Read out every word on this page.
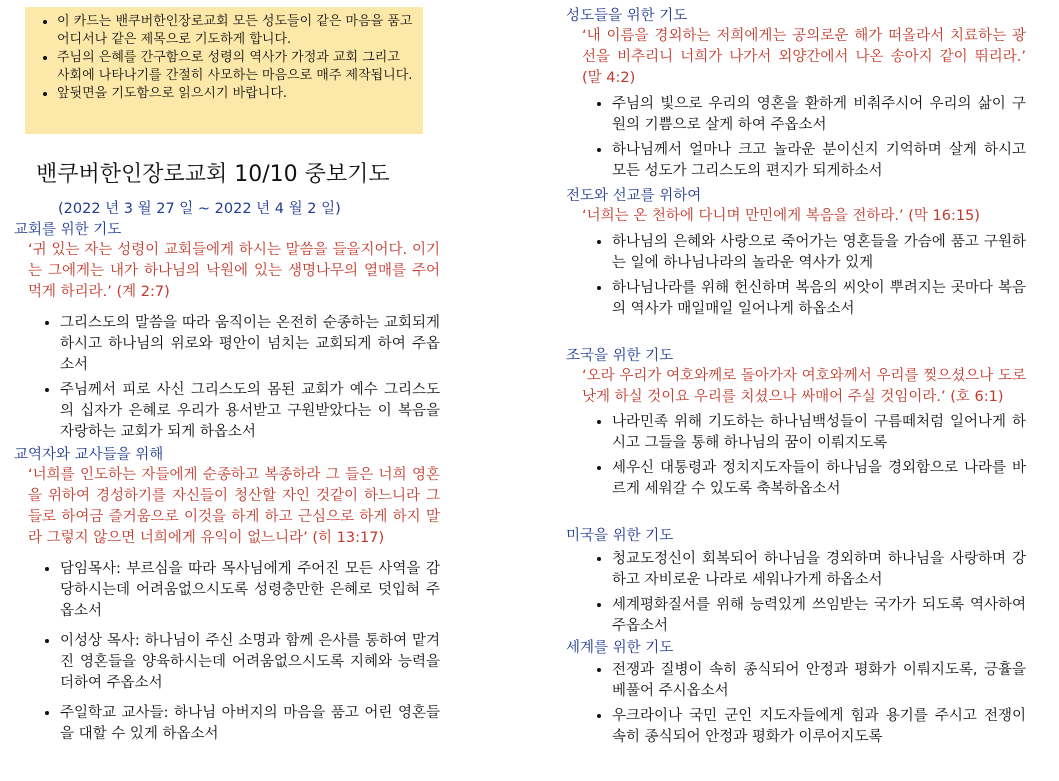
• 이 카드는 밴쿠버한인장로교회 모든 성도들이 같은 마음을 품고 어디서나 같은 제목으로 기도하게 합니다.
• 주님의 은혜를 간구함으로 성령의 역사가 가정과 교회 그리고 사회에 나타나기를 간절히 사모하는 마음으로 매주 제작됩니다.
• 앞뒷면을 기도함으로 읽으시기 바랍니다.
밴쿠버한인장로교회 10/10 중보기도
(2022 년 3 월 27 일 ~ 2022 년 4 월 2 일)

교회를 위한 기도

‘귀 있는 자는 성령이 교회들에게 하시는 말씀을 들을지어다. 이기는 그에게는 내가 하나님의 낙원에 있는 생명나무의 열매를 주어 먹게 하리라.’ (계 2:7)

• 그리스도의 말씀을 따라 움직이는 온전히 순종하는 교회되게 하시고 하나님의 위로와 평안이 넘치는 교회되게 하여 주옵소서
• 주님께서 피로 사신 그리스도의 몸된 교회가 예수 그리스도의 십자가 은혜로 우리가 용서받고 구원받았다는 이 복음을 자랑하는 교회가 되게 하옵소서

교역자와 교사들을 위해

‘너희를 인도하는 자들에게 순종하고 복종하라 그 들은 너희 영혼을 위하여 경성하기를 자신들이 청산할 자인 것같이 하느니라 그들로 하여금 즐거움으로 이것을 하게 하고 근심으로 하게 하지 말라 그렇지 않으면 너희에게 유익이 없느니라’ (히 13:17)

• 담임목사: 부르심을 따라 목사님에게 주어진 모든 사역을 감당하시는데 어려움없으시도록 성령충만한 은혜로 덧입혀 주옵소서
• 이성상 목사: 하나님이 주신 소명과 함께 은사를 통하여 맡겨진 영혼들을 양육하시는데 어려움없으시도록 지혜와 능력을 더하여 주옵소서
• 주일학교 교사들: 하나님 아버지의 마음을 품고 어린 영혼들을 대할 수 있게 하옵소서

성도들을 위한 기도

‘내 이름을 경외하는 저희에게는 공의로운 해가 떠올라서 치료하는 광선을 비추리니 너희가 나가서 외양간에서 나온 송아지 같이 뛰리라.’ (말 4:2)

• 주님의 빛으로 우리의 영혼을 환하게 비춰주시어 우리의 삶이 구원의 기쁨으로 살게 하여 주옵소서
• 하나님께서 얼마나 크고 놀라운 분이신지 기억하며 살게 하시고 모든 성도가 그리스도의 편지가 되게하소서

전도와 선교를 위하여

‘너희는 온 천하에 다니며 만민에게 복음을 전하라.’ (막 16:15)

• 하나님의 은혜와 사랑으로 죽어가는 영혼들을 가슴에 품고 구원하는 일에 하나님나라의 놀라운 역사가 있게
• 하나님나라를 위해 헌신하며 복음의 씨앗이 뿌려지는 곳마다 복음의 역사가 매일매일 일어나게 하옵소서

조국을 위한 기도

‘오라 우리가 여호와께로 돌아가자 여호와께서 우리를 찢으셨으나 도로 낫게 하실 것이요 우리를 치셨으나 싸매어 주실 것임이라.’ (호 6:1)

• 나라민족 위해 기도하는 하나님백성들이 구름떼처럼 일어나게 하시고 그들을 통해 하나님의 꿈이 이뤄지도록
• 세우신 대통령과 정치지도자들이 하나님을 경외함으로 나라를 바르게 세워갈 수 있도록 축복하옵소서

미국을 위한 기도

• 청교도정신이 회복되어 하나님을 경외하며 하나님을 사랑하며 강하고 자비로운 나라로 세워나가게 하옵소서
• 세계평화질서를 위해 능력있게 쓰임받는 국가가 되도록 역사하여 주옵소서

세계를 위한 기도

• 전쟁과 질병이 속히 종식되어 안정과 평화가 이뤄지도록, 긍휼을 베풀어 주시옵소서
• 우크라이나 국민 군인 지도자들에게 힘과 용기를 주시고 전쟁이 속히 종식되어 안정과 평화가 이루어지도록
